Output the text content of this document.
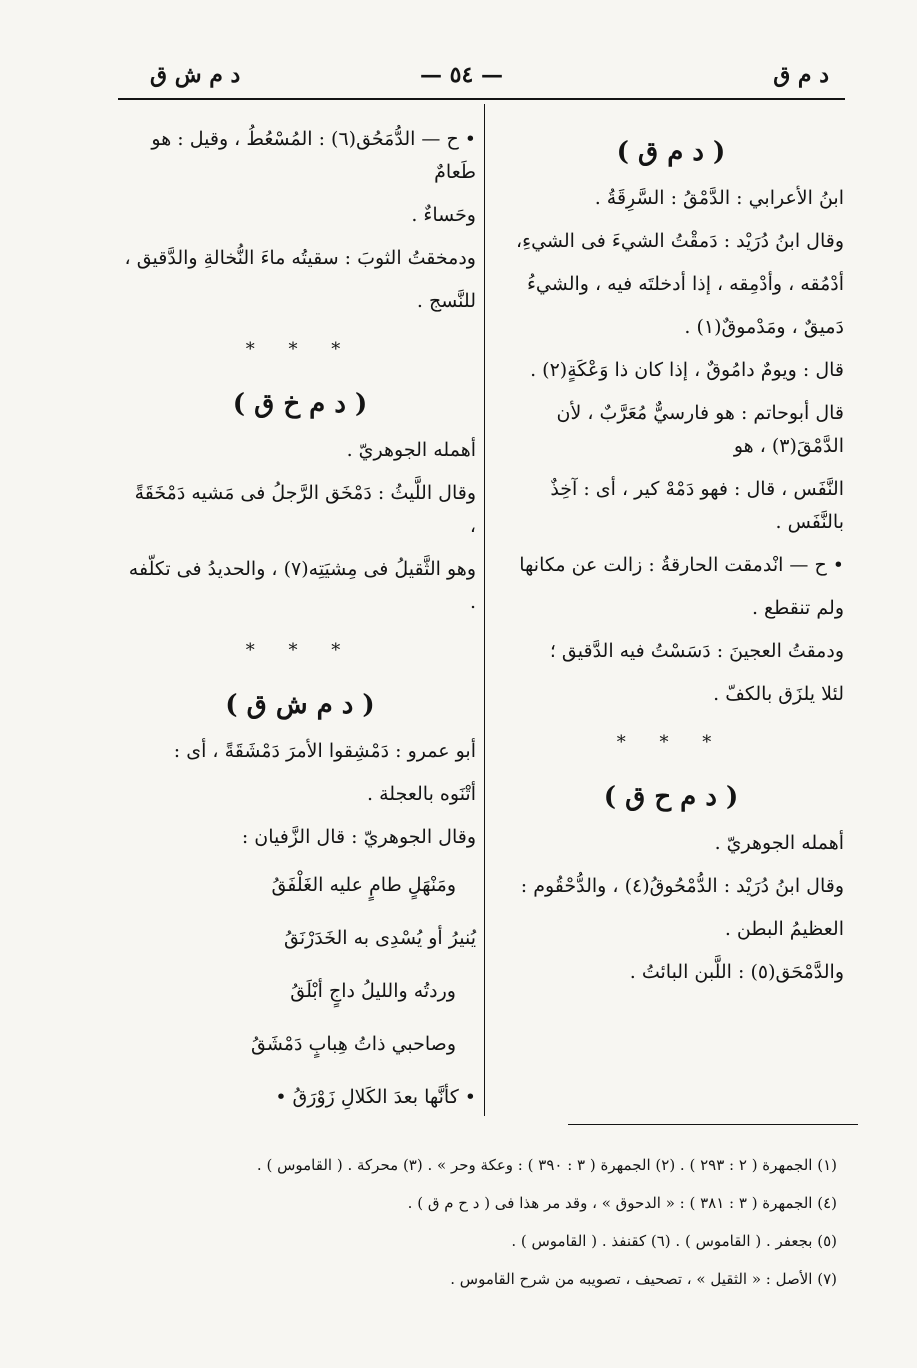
د م ق
— ٥٤ —
د م ش ق

( د م ق )

ابنُ الأعرابي : الدَّمْقُ : السَّرِقَةُ .

وقال ابنُ دُرَيْد : دَمقْتُ الشيءَ فى الشيءِ،

أدْمُقه ، وأدْمِقه ، إذا أدخلتَه فيه ، والشيءُ

دَميقٌ ، ومَدْموقٌ(١) .

قال : ويومٌ دامُوقٌ ، إذا كان ذا وَعْكَةٍ(٢) .

قال أبوحاتم : هو فارسيٌّ مُعَرَّبٌ ، لأن الدَّمْقَ(٣) ، هو

النَّفَس ، قال : فهو دَمْهْ كير ، أى : آخِذٌ بالنَّفَس .

• ح — انْدمقت الحارقةُ : زالت عن مكانها

ولم تنقطع .

ودمقتُ العجينَ : دَسَسْتُ فيه الدَّقيق ؛

لئلا يلزَق بالكفّ .

* * *

( د م ح ق )

أهمله الجوهريّ .

وقال ابنُ دُرَيْد : الدُّمْحُوقُ(٤) ، والدُّحْقُوم :

العظيمُ البطن .

والدَّمْحَق(٥) : اللَّبن البائتُ .

• ح — الدُّمَحُق(٦) : المُسْعُطُ ، وقيل : هو طَعامٌ

وحَساءٌ .

ودمخقتُ الثوبَ : سقيتُه ماءَ النُّخالةِ والدَّقيق ،

للنَّسج .

* * *

( د م خ ق )

أهمله الجوهريّ .

وقال اللَّيثُ : دَمْخَق الرَّجلُ فى مَشيه دَمْخَقَةً ،

وهو الثَّقيلُ فى مِشيَتِه(٧) ، والحديدُ فى تكلّفه .

* * *

( د م ش ق )

أبو عمرو : دَمْشِقوا الأمرَ دَمْشَقَةً ، أى :

أتْنَوه بالعجلة .

وقال الجوهريّ : قال الزَّفيان :

ومَنْهَلٍ طامٍ عليه الغَلْفَقُ

يُنيرُ أو يُسْدِى به الخَدَرْنَقُ

وردتُه والليلُ داجٍ أبْلَقُ

وصاحبي ذاتُ هِبابٍ دَمْشَقُ

• كأنَّها بعدَ الكَلالِ زَوْرَقُ •

(١) الجمهرة ( ٢ : ٢٩٣ ) . (٢) الجمهرة ( ٣ : ٣٩٠ ) : وعكة وحر » . (٣) محركة . ( القاموس ) .

(٤) الجمهرة ( ٣ : ٣٨١ ) : « الدحوق » ، وقد مر هذا فى ( د ح م ق ) .

(٥) بجعفر . ( القاموس ) . (٦) كقنفذ . ( القاموس ) .

(٧) الأصل : « الثقيل » ، تصحيف ، تصويبه من شرح القاموس .
